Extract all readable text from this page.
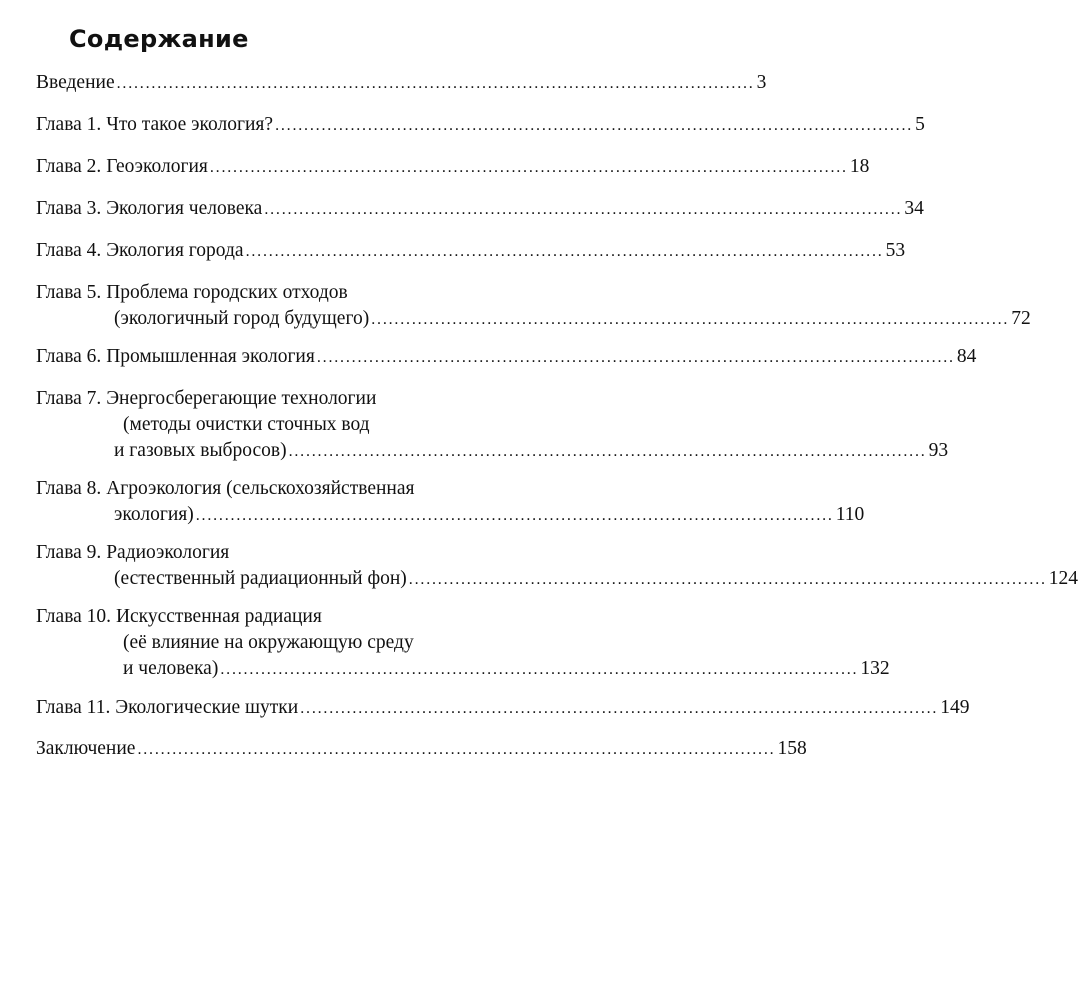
Содержание
Введение .............................................................................................................. 3
Глава 1.
Что такое экология? .............................................................................................................. 5
Глава 2.
Геоэкология .............................................................................................................. 18
Глава 3.
Экология человека .............................................................................................................. 34
Глава 4.
Экология города .............................................................................................................. 53
Глава 5.
Проблема городских отходов
(экологичный город будущего) .............................................................................................................. 72
Глава 6.
Промышленная экология .............................................................................................................. 84
Глава 7.
Энергосберегающие технологии
(методы очистки сточных вод
и газовых выбросов) .............................................................................................................. 93
Глава 8.
Агроэкология (сельскохозяйственная
экология) .............................................................................................................. 110
Глава 9.
Радиоэкология
(естественный радиационный фон) .............................................................................................................. 124
Глава 10.
Искусственная радиация
(её влияние на окружающую среду
и человека) .............................................................................................................. 132
Глава 11.
Экологические шутки .............................................................................................................. 149
Заключение .............................................................................................................. 158
